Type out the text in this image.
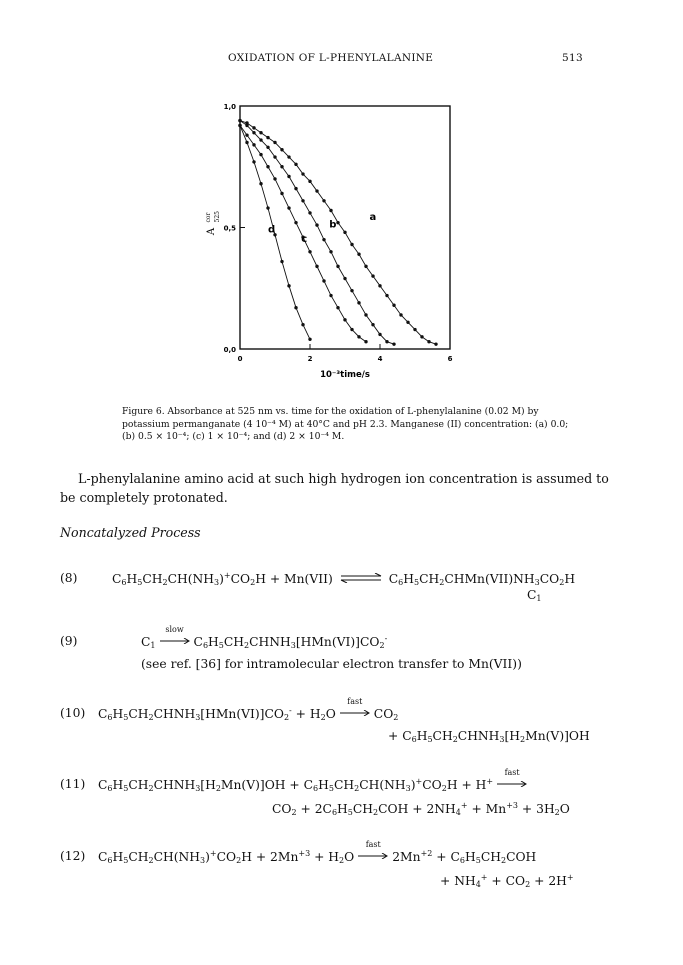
OXIDATION OF L-PHENYLALANINE	513
0	2	4	6
0,0
0,5
1,0
10⁻³time/s
A
cor 525	a
b
c
d
Figure 6. Absorbance at 525 nm vs. time for the oxidation of L-phenylalanine (0.02 M) by potassium permanganate (4 10⁻⁴ M) at 40°C and pH 2.3. Manganese (II) concentration: (a) 0.0; (b) 0.5 × 10⁻⁴; (c) 1 × 10⁻⁴; and (d) 2 × 10⁻⁴ M.

L-phenylalanine amino acid at such high hydrogen ion concentration is assumed to be completely protonated.

Noncatalyzed Process
(8)	$C_6H_5CH_2CH(NH_3)^+CO_2H + Mn(VII)$ ⇌ $C_6H_5CH_2CHMn(VII)NH_3CO_2H$
$C_1$
(9)	$C_1$
slow
$C_6H_5CH_2CHNH_3[HMn(VI)]CO_2^-$
(see ref. [36] for intramolecular electron transfer to Mn(VII))
(10) $C_6H_5CH_2CHNH_3[HMn(VI)]CO_2^- + H_2O$
fast
$CO_2$
+ $C_6H_5CH_2CHNH_3[H_2Mn(V)]OH$
(11) $C_6H_5CH_2CHNH_3[H_2Mn(V)]OH + C_6H_5CH_2CH(NH_3)^+CO_2H + H^+$
fast
$CO_2 + 2C_6H_5CH_2COH + 2NH_4^+ + Mn^{+3} + 3H_2O$
(12) $C_6H_5CH_2CH(NH_3)^+CO_2H + 2Mn^{+3} + H_2O$
fast
$2Mn^{+2} + C_6H_5CH_2COH$
+ $NH_4^+ + CO_2 + 2H^+$
